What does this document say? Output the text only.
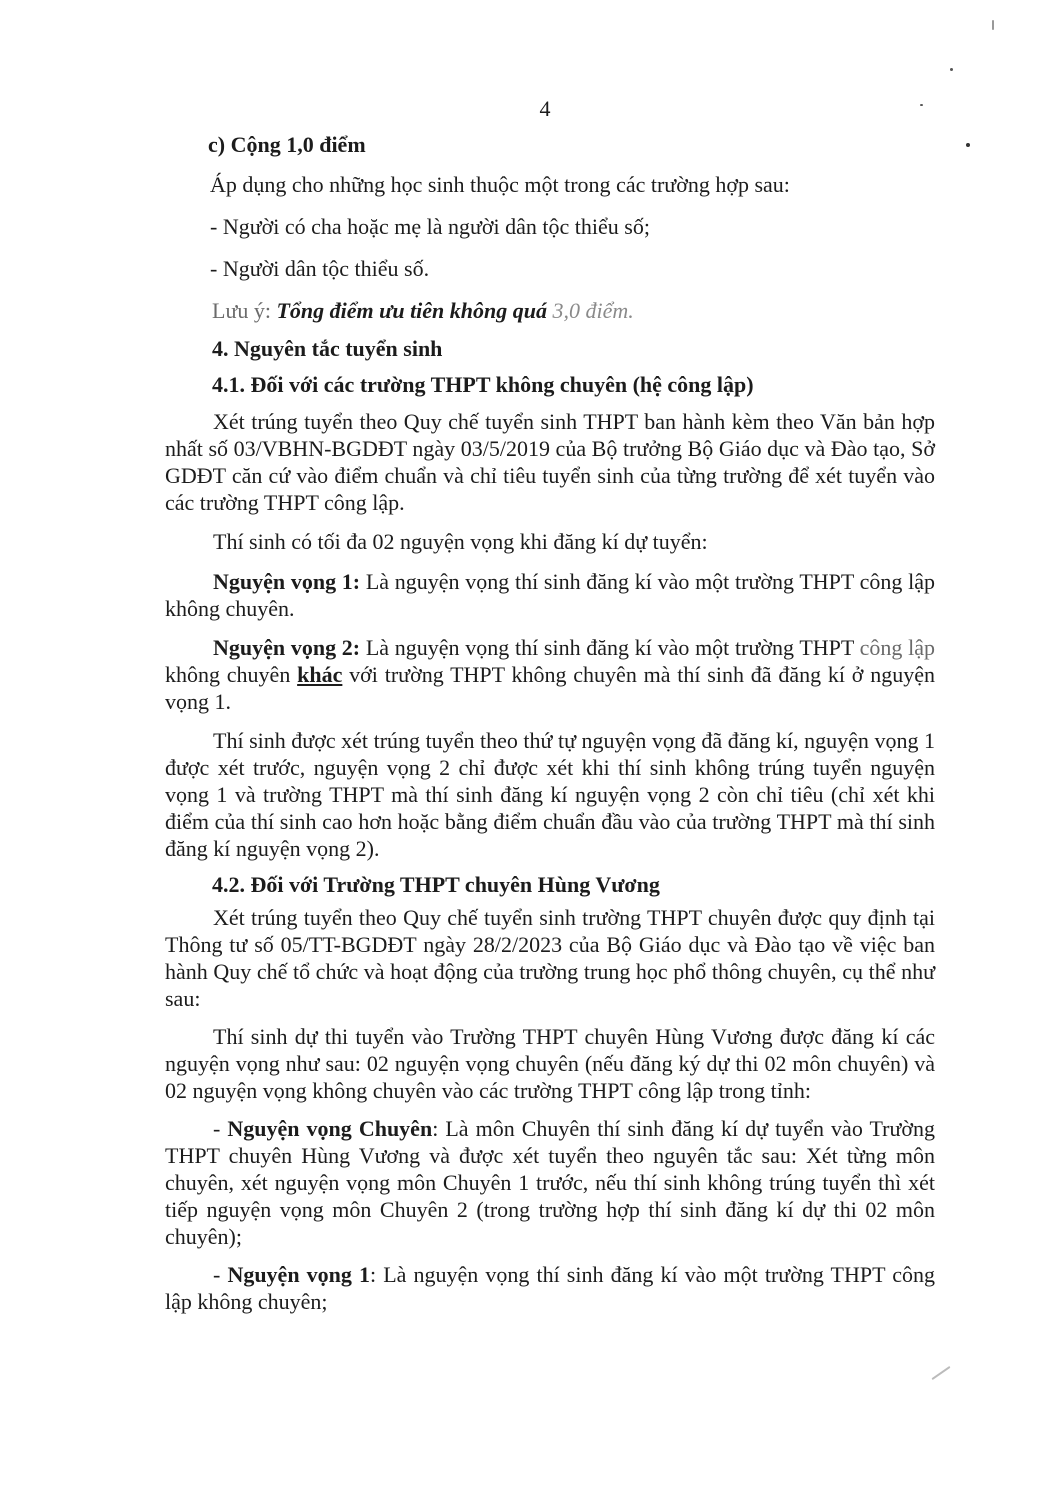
4

c) Cộng 1,0 điểm

Áp dụng cho những học sinh thuộc một trong các trường hợp sau:

- Người có cha hoặc mẹ là người dân tộc thiểu số;

- Người dân tộc thiểu số.

Lưu ý: Tổng điểm ưu tiên không quá 3,0 điểm.

4. Nguyên tắc tuyển sinh

4.1. Đối với các trường THPT không chuyên (hệ công lập)

Xét trúng tuyển theo Quy chế tuyển sinh THPT ban hành kèm theo Văn bản hợp nhất số 03/VBHN-BGDĐT ngày 03/5/2019 của Bộ trưởng Bộ Giáo dục và Đào tạo, Sở GDĐT căn cứ vào điểm chuẩn và chỉ tiêu tuyển sinh của từng trường để xét tuyển vào các trường THPT công lập.

Thí sinh có tối đa 02 nguyện vọng khi đăng kí dự tuyển:

Nguyện vọng 1: Là nguyện vọng thí sinh đăng kí vào một trường THPT công lập không chuyên.

Nguyện vọng 2: Là nguyện vọng thí sinh đăng kí vào một trường THPT công lập không chuyên khác với trường THPT không chuyên mà thí sinh đã đăng kí ở nguyện vọng 1.

Thí sinh được xét trúng tuyển theo thứ tự nguyện vọng đã đăng kí, nguyện vọng 1 được xét trước, nguyện vọng 2 chỉ được xét khi thí sinh không trúng tuyển nguyện vọng 1 và trường THPT mà thí sinh đăng kí nguyện vọng 2 còn chỉ tiêu (chỉ xét khi điểm của thí sinh cao hơn hoặc bằng điểm chuẩn đầu vào của trường THPT mà thí sinh đăng kí nguyện vọng 2).

4.2. Đối với Trường THPT chuyên Hùng Vương

Xét trúng tuyển theo Quy chế tuyển sinh trường THPT chuyên được quy định tại Thông tư số 05/TT-BGDĐT ngày 28/2/2023 của Bộ Giáo dục và Đào tạo về việc ban hành Quy chế tổ chức và hoạt động của trường trung học phổ thông chuyên, cụ thể như sau:

Thí sinh dự thi tuyển vào Trường THPT chuyên Hùng Vương được đăng kí các nguyện vọng như sau: 02 nguyện vọng chuyên (nếu đăng ký dự thi 02 môn chuyên) và 02 nguyện vọng không chuyên vào các trường THPT công lập trong tỉnh:

- Nguyện vọng Chuyên: Là môn Chuyên thí sinh đăng kí dự tuyển vào Trường THPT chuyên Hùng Vương và được xét tuyển theo nguyên tắc sau: Xét từng môn chuyên, xét nguyện vọng môn Chuyên 1 trước, nếu thí sinh không trúng tuyển thì xét tiếp nguyện vọng môn Chuyên 2 (trong trường hợp thí sinh đăng kí dự thi 02 môn chuyên);

- Nguyện vọng 1: Là nguyện vọng thí sinh đăng kí vào một trường THPT công lập không chuyên;
